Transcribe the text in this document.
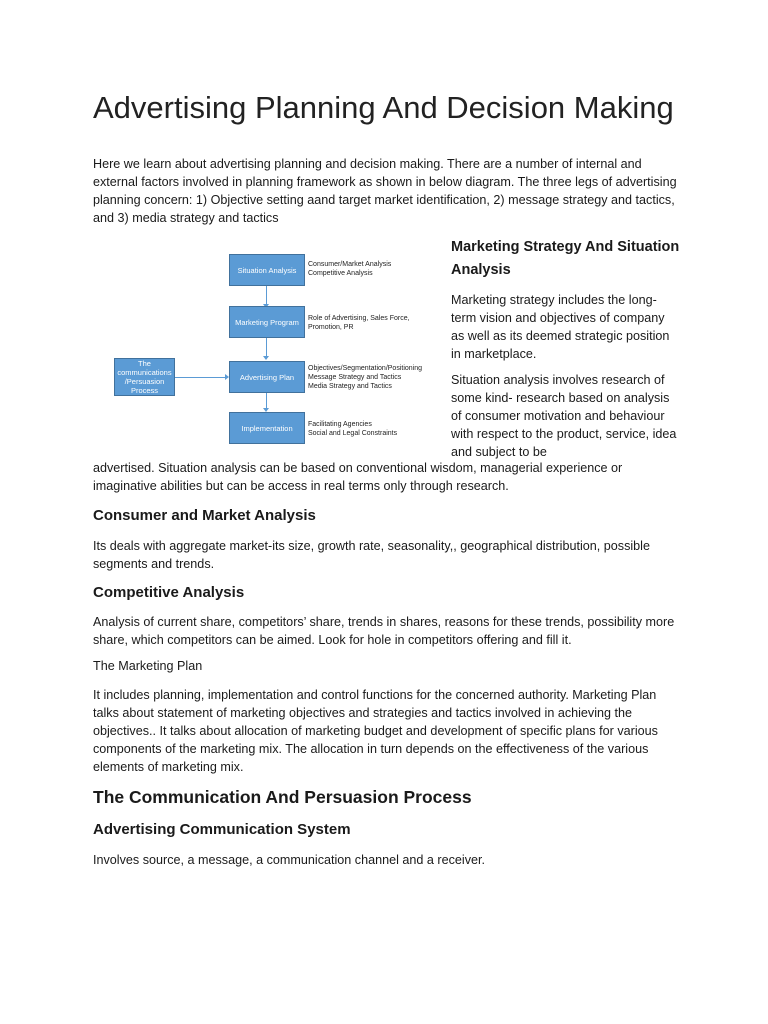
Advertising Planning And Decision Making

Here we learn about advertising planning and decision making. There are a number of internal and external factors involved in planning framework as shown in below diagram. The three legs of advertising planning concern: 1) Objective setting aand target market identification, 2) message strategy and tactics, and 3) media strategy and tactics

Situation Analysis
Marketing Program
Advertising Plan
Implementation
The communications /Persuasion Process
Consumer/Market Analysis
Competitive Analysis
Role of Advertising, Sales Force,
Promotion, PR
Objectives/Segmentation/Positioning
Message Strategy and Tactics
Media Strategy and Tactics
Facilitating Agencies
Social and Legal Constraints
Marketing Strategy And Situation Analysis

Marketing strategy includes the long-term vision and objectives of company as well as its deemed strategic position in marketplace.

Situation analysis involves research of some kind- research based on analysis of consumer motivation and behaviour with respect to the product, service, idea and subject to be

advertised. Situation analysis can be based on conventional wisdom, managerial experience or imaginative abilities but can be access in real terms only through research.

Consumer and Market Analysis

Its deals with aggregate market-its size, growth rate, seasonality,, geographical distribution, possible segments and trends.

Competitive Analysis

Analysis of current share, competitors’ share, trends in shares, reasons for these trends, possibility more share, which competitors can be aimed. Look for hole in competitors offering and fill it.

The Marketing Plan

It includes planning, implementation and control functions for the concerned authority. Marketing Plan talks about statement of marketing objectives and strategies and tactics involved in achieving the objectives.. It talks about allocation of marketing budget and development of specific plans for various components of the marketing mix. The allocation in turn depends on the effectiveness of the various elements of marketing mix.

The Communication And Persuasion Process
Advertising Communication System

Involves source, a message, a communication channel and a receiver.
